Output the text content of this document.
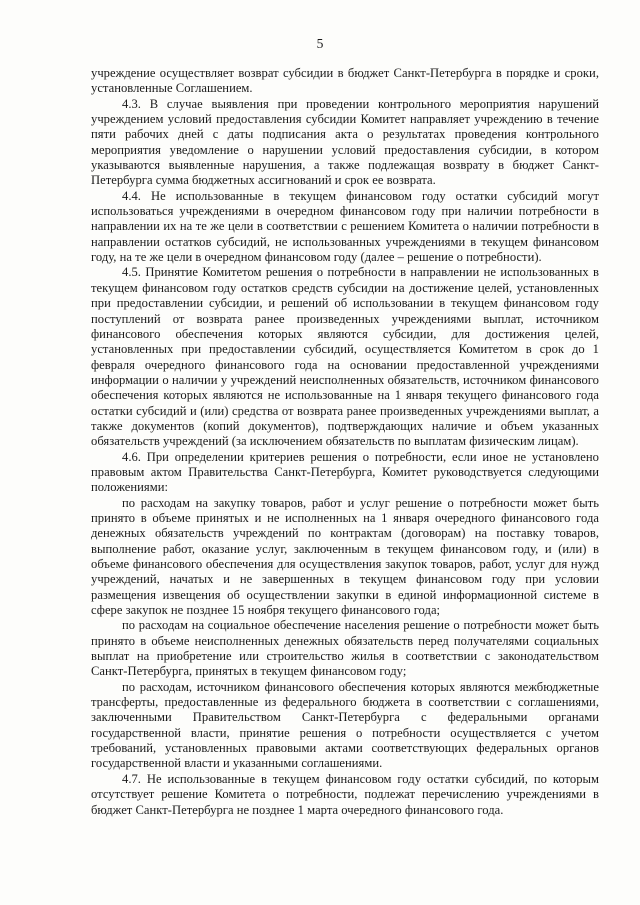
5

учреждение осуществляет возврат субсидии в бюджет Санкт-Петербурга в порядке и сроки, установленные Соглашением.

4.3. В случае выявления при проведении контрольного мероприятия нарушений учреждением условий предоставления субсидии Комитет направляет учреждению в течение пяти рабочих дней с даты подписания акта о результатах проведения контрольного мероприятия уведомление о нарушении условий предоставления субсидии, в котором указываются выявленные нарушения, а также подлежащая возврату в бюджет Санкт-Петербурга сумма бюджетных ассигнований и срок ее возврата.

4.4. Не использованные в текущем финансовом году остатки субсидий могут использоваться учреждениями в очередном финансовом году при наличии потребности в направлении их на те же цели в соответствии с решением Комитета о наличии потребности в направлении остатков субсидий, не использованных учреждениями в текущем финансовом году, на те же цели в очередном финансовом году (далее – решение о потребности).

4.5. Принятие Комитетом решения о потребности в направлении не использованных в текущем финансовом году остатков средств субсидии на достижение целей, установленных при предоставлении субсидии, и решений об использовании в текущем финансовом году поступлений от возврата ранее произведенных учреждениями выплат, источником финансового обеспечения которых являются субсидии, для достижения целей, установленных при предоставлении субсидий, осуществляется Комитетом в срок до 1 февраля очередного финансового года на основании предоставленной учреждениями информации о наличии у учреждений неисполненных обязательств, источником финансового обеспечения которых являются не использованные на 1 января текущего финансового года остатки субсидий и (или) средства от возврата ранее произведенных учреждениями выплат, а также документов (копий документов), подтверждающих наличие и объем указанных обязательств учреждений (за исключением обязательств по выплатам физическим лицам).

4.6. При определении критериев решения о потребности, если иное не установлено правовым актом Правительства Санкт-Петербурга, Комитет руководствуется следующими положениями:

по расходам на закупку товаров, работ и услуг решение о потребности может быть принято в объеме принятых и не исполненных на 1 января очередного финансового года денежных обязательств учреждений по контрактам (договорам) на поставку товаров, выполнение работ, оказание услуг, заключенным в текущем финансовом году, и (или) в объеме финансового обеспечения для осуществления закупок товаров, работ, услуг для нужд учреждений, начатых и не завершенных в текущем финансовом году при условии размещения извещения об осуществлении закупки в единой информационной системе в сфере закупок не позднее 15 ноября текущего финансового года;

по расходам на социальное обеспечение населения решение о потребности может быть принято в объеме неисполненных денежных обязательств перед получателями социальных выплат на приобретение или строительство жилья в соответствии с законодательством Санкт-Петербурга, принятых в текущем финансовом году;

по расходам, источником финансового обеспечения которых являются межбюджетные трансферты, предоставленные из федерального бюджета в соответствии с соглашениями, заключенными Правительством Санкт-Петербурга с федеральными органами государственной власти, принятие решения о потребности осуществляется с учетом требований, установленных правовыми актами соответствующих федеральных органов государственной власти и указанными соглашениями.

4.7. Не использованные в текущем финансовом году остатки субсидий, по которым отсутствует решение Комитета о потребности, подлежат перечислению учреждениями в бюджет Санкт-Петербурга не позднее 1 марта очередного финансового года.
